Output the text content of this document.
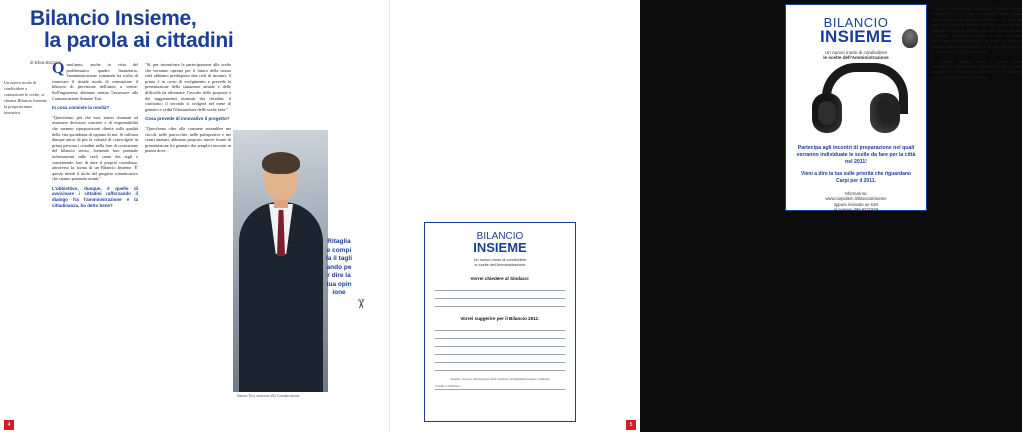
Bilancio Insieme,
la parola ai cittadini
di Elisa Bazzani

Un nuovo modo di condividere e comunicare le scelte, si chiama Bilancio Insieme la proposta tante iniziativa

Quest'anno, anche in vista del problematico quadro finanziario, l'amministrazione comunale ha scelto di rinnovare il rituale modo di comunicare il bilancio di previsione dell'anno a venire. Sull'argomento abbiamo sentito l'assessore alla Comunicazione Simone Tosi.

In cosa consiste la novità?

"Quest'anno, più che mai, siamo chiamati ad assumere decisioni concrete e di responsabilità che saranno riproposizioni diretta sulla qualità della vita quotidiana di ognuno di noi. Si rafforza dunque ancor di più la volontà di coinvolgere in prima persona i cittadini nella fase di costruzione del bilancio stesso, fornendo loro puntuale informazioni sulle reali cause dei tagli e consentendo loro di dare il proprio contributo, attraverso la forma di un Bilancio Insieme. È' questo infatti il titolo del progetto comunicativo che stiamo portando avanti."

L'obbiettivo, dunque, è quello di avvicinare i cittadini rafforzando il dialogo fra l'amministrazione e la cittadinanza, ho detto bene?

"Sì, per incentivare la partecipazione alle scelte che verranno operate per il futuro della nostra città abbiamo predisposto due cicli di incontri: il primo è in corso di svolgimento e prevede la presentazione della situazione attuale e delle difficoltà da affrontare, l'ascolto delle proposte e dei suggerimenti avanzati dai cittadini; il confronto; il secondo si svolgerà nel mese di gennaio e vedrà l'illustrazione delle scelte fatte."

Cosa prevede di innovativo il progetto?

"Quest'anno oltre alle consuete assemblee nei circoli, nelle parrocchie, nelle polisportive e nei centri anziani, abbiamo proposto nuove forme di presentazione fra gennaio dai semplici incontri in piazza dove...

Simone Tosi, assessore alla Comunicazione
4
BILANCIO
INSIEME
Un nuovo modo di condividere
le scelte dell'Amministrazione
Partecipa agli incontri di preparazione nel quali verranno individuate le scelte da fare per la città nel 2011!
Vieni a dire la tua sulle priorità che riguardano Carpi per il 2011.
Informati su:
www.carpidiem.it/bilancioinsieme
oppure inviando un sms
al numero 366 6221929

mercato, a brevi incontri al bar dove il Sindaco Enrico Campedelli e i diversi componenti della Giunta presenteranno e discuteranno il Bilancio e le scelte da fare con i cittadini presenti, ad altri tipi di incontri pubblici. Un aspetto determinante del progetto saranno i tagliandi, distribuiti in migliaia di copie, da riporre nelle apposite urne presenti ai punti di raccolta. Qualità, nella pertinenza delle scelte sarà comunicata e la occasione di tutti gli interventi.

Il tagliando, riproposto anche in questa pagina, raccoglie le informazioni sull'intero progetto, sono disponibili e scaricabili anche in rete all'indirizzo www.carpidiem.it/bilancioinsieme.

5
Ritaglia e compila il tagliando per dire la tua opinione
✂
BILANCIO
INSIEME
Un nuovo modo di condividere
le scelte dell'Amministrazione
Vorrei chiedere al Sindaco:
Vorrei suggerire per il Bilancio 2011:
desidero ricevere informazioni sulle iniziative dell'amministrazione comunale
il nome e l'indirizzo
